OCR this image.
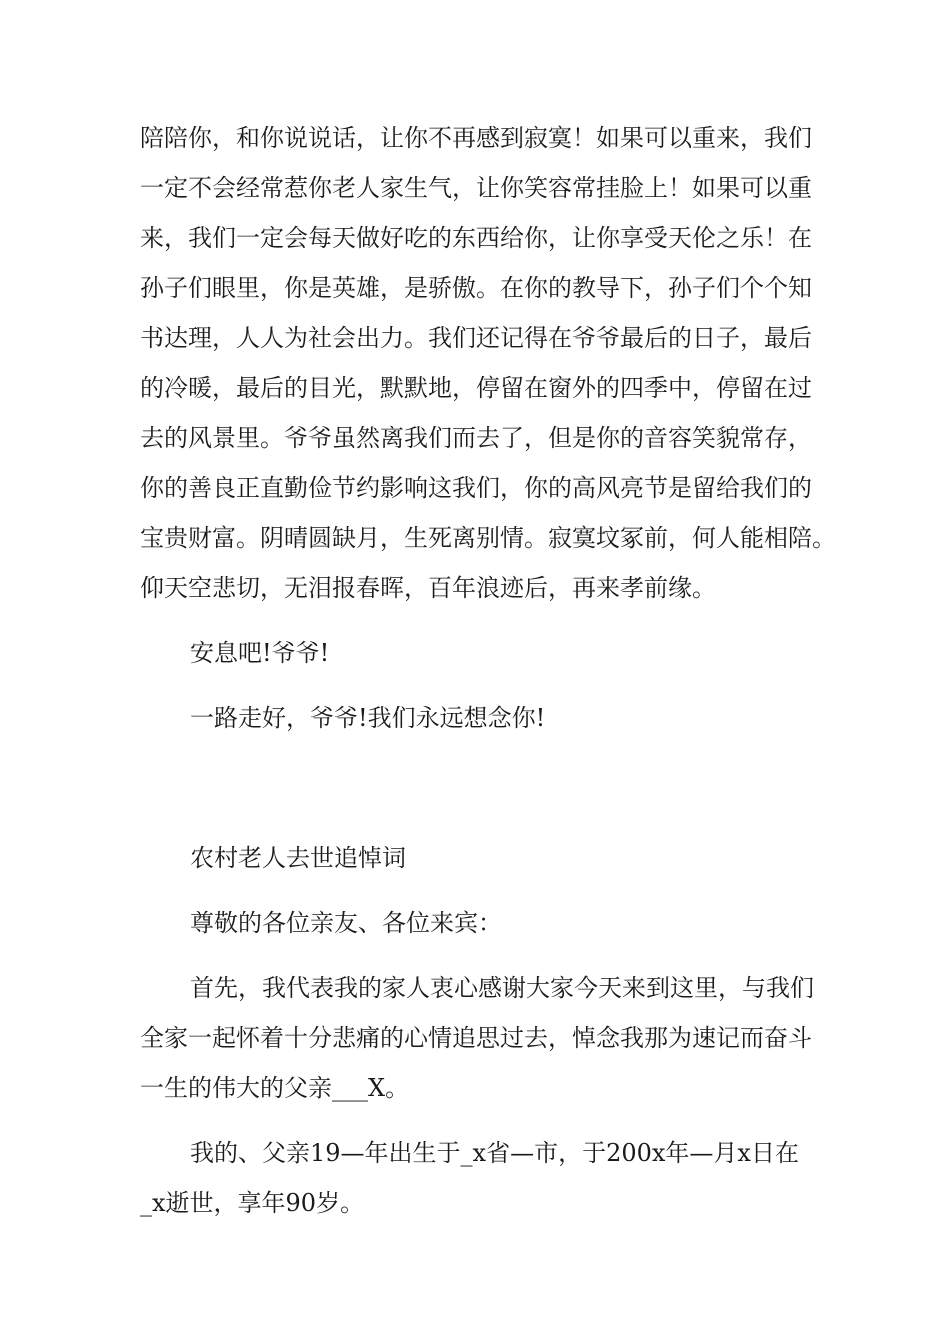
陪陪你，和你说说话，让你不再感到寂寞！如果可以重来，我们
一定不会经常惹你老人家生气，让你笑容常挂脸上！如果可以重
来，我们一定会每天做好吃的东西给你，让你享受天伦之乐！在
孙子们眼里，你是英雄，是骄傲。在你的教导下，孙子们个个知
书达理，人人为社会出力。我们还记得在爷爷最后的日子，最后
的冷暖，最后的目光，默默地，停留在窗外的四季中，停留在过
去的风景里。爷爷虽然离我们而去了，但是你的音容笑貌常存，
你的善良正直勤俭节约影响这我们，你的高风亮节是留给我们的
宝贵财富。阴晴圆缺月，生死离别情。寂寞坟冢前，何人能相陪。
仰天空悲切，无泪报春晖，百年浪迹后，再来孝前缘。
安息吧!爷爷!
一路走好，爷爷!我们永远想念你!
农村老人去世追悼词
尊敬的各位亲友、各位来宾：
首先，我代表我的家人衷心感谢大家今天来到这里，与我们
全家一起怀着十分悲痛的心情追思过去，悼念我那为速记而奋斗
一生的伟大的父亲___X。
我的、父亲19—年出生于_x省—市，于200x年—月x日在
_x逝世，享年90岁。
